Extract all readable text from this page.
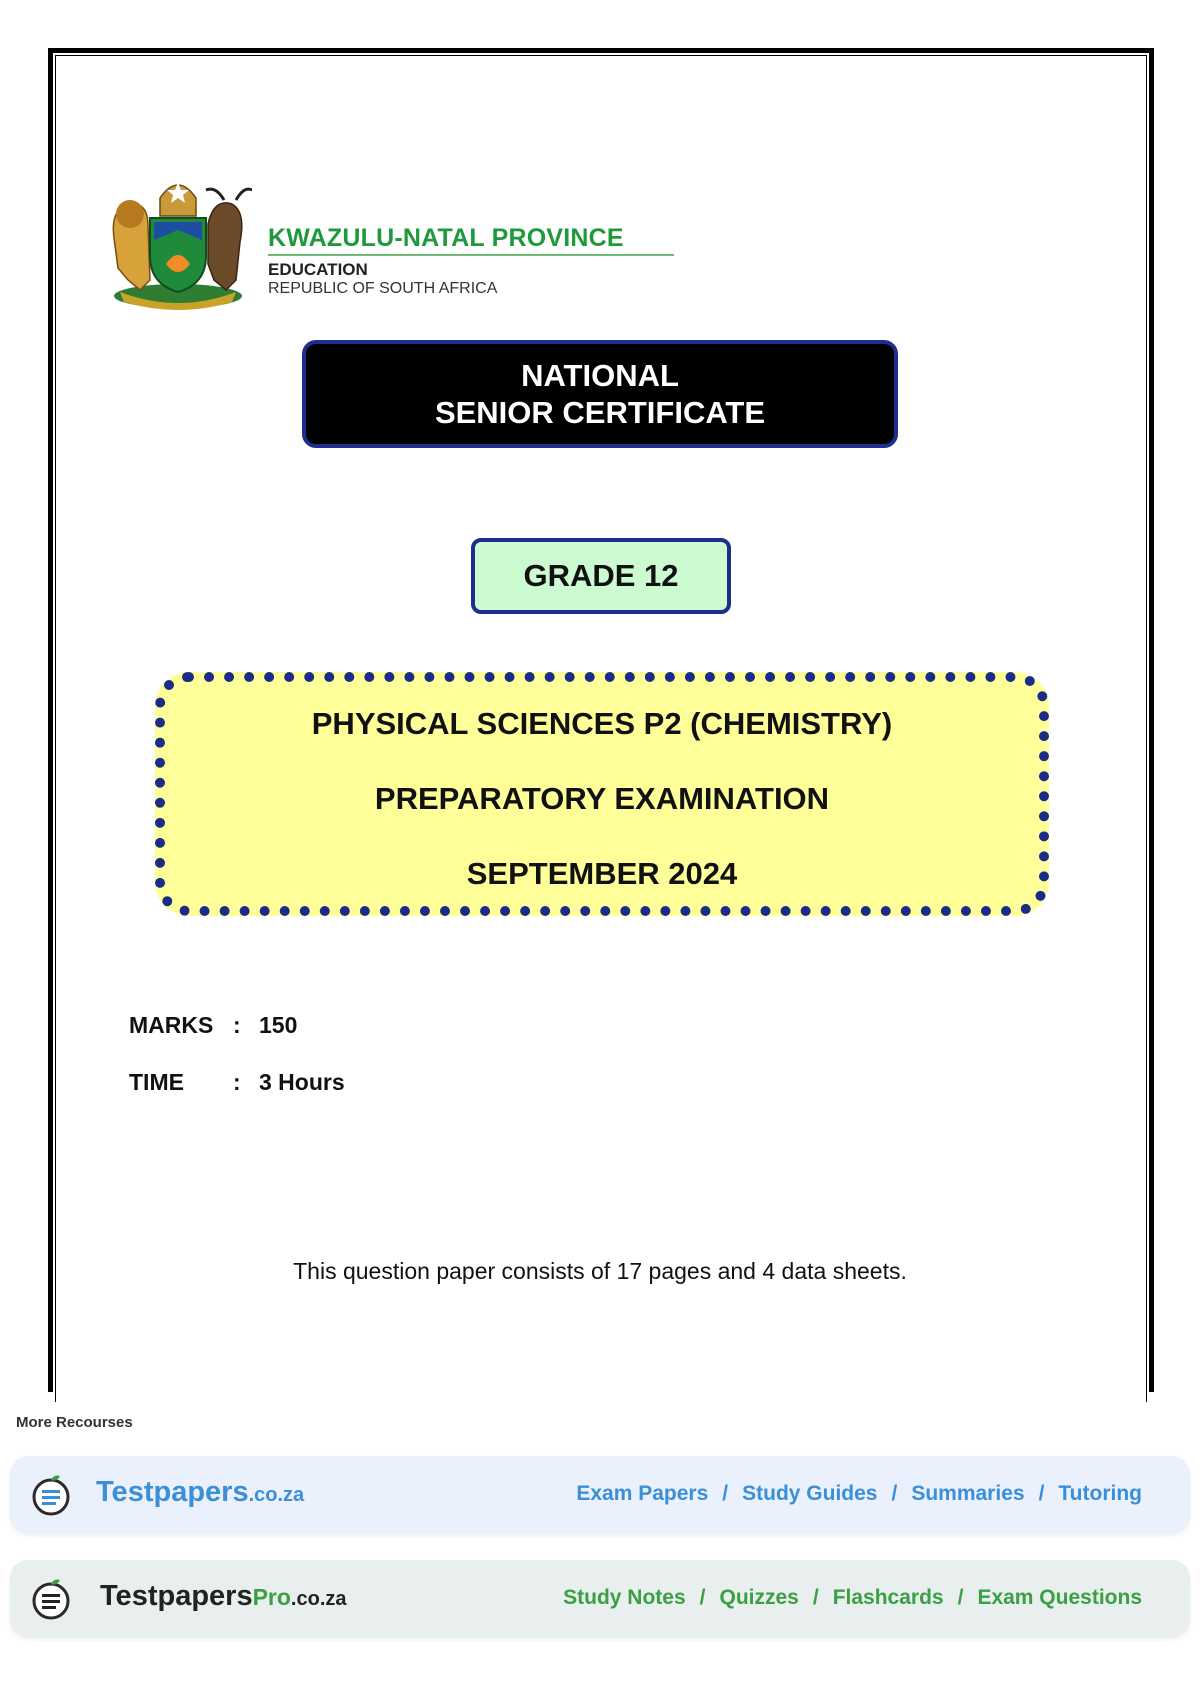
KWAZULU-NATAL PROVINCE
EDUCATION
REPUBLIC OF SOUTH AFRICA
NATIONAL
SENIOR CERTIFICATE
GRADE 12
PHYSICAL SCIENCES P2 (CHEMISTRY)
PREPARATORY EXAMINATION
SEPTEMBER 2024
MARKS : 150
TIME : 3 Hours
This question paper consists of 17 pages and 4 data sheets.
More Recourses
Testpapers.co.za	Exam Papers / Study Guides / Summaries / Tutoring
TestpapersPro.co.za	Study Notes / Quizzes / Flashcards / Exam Questions
